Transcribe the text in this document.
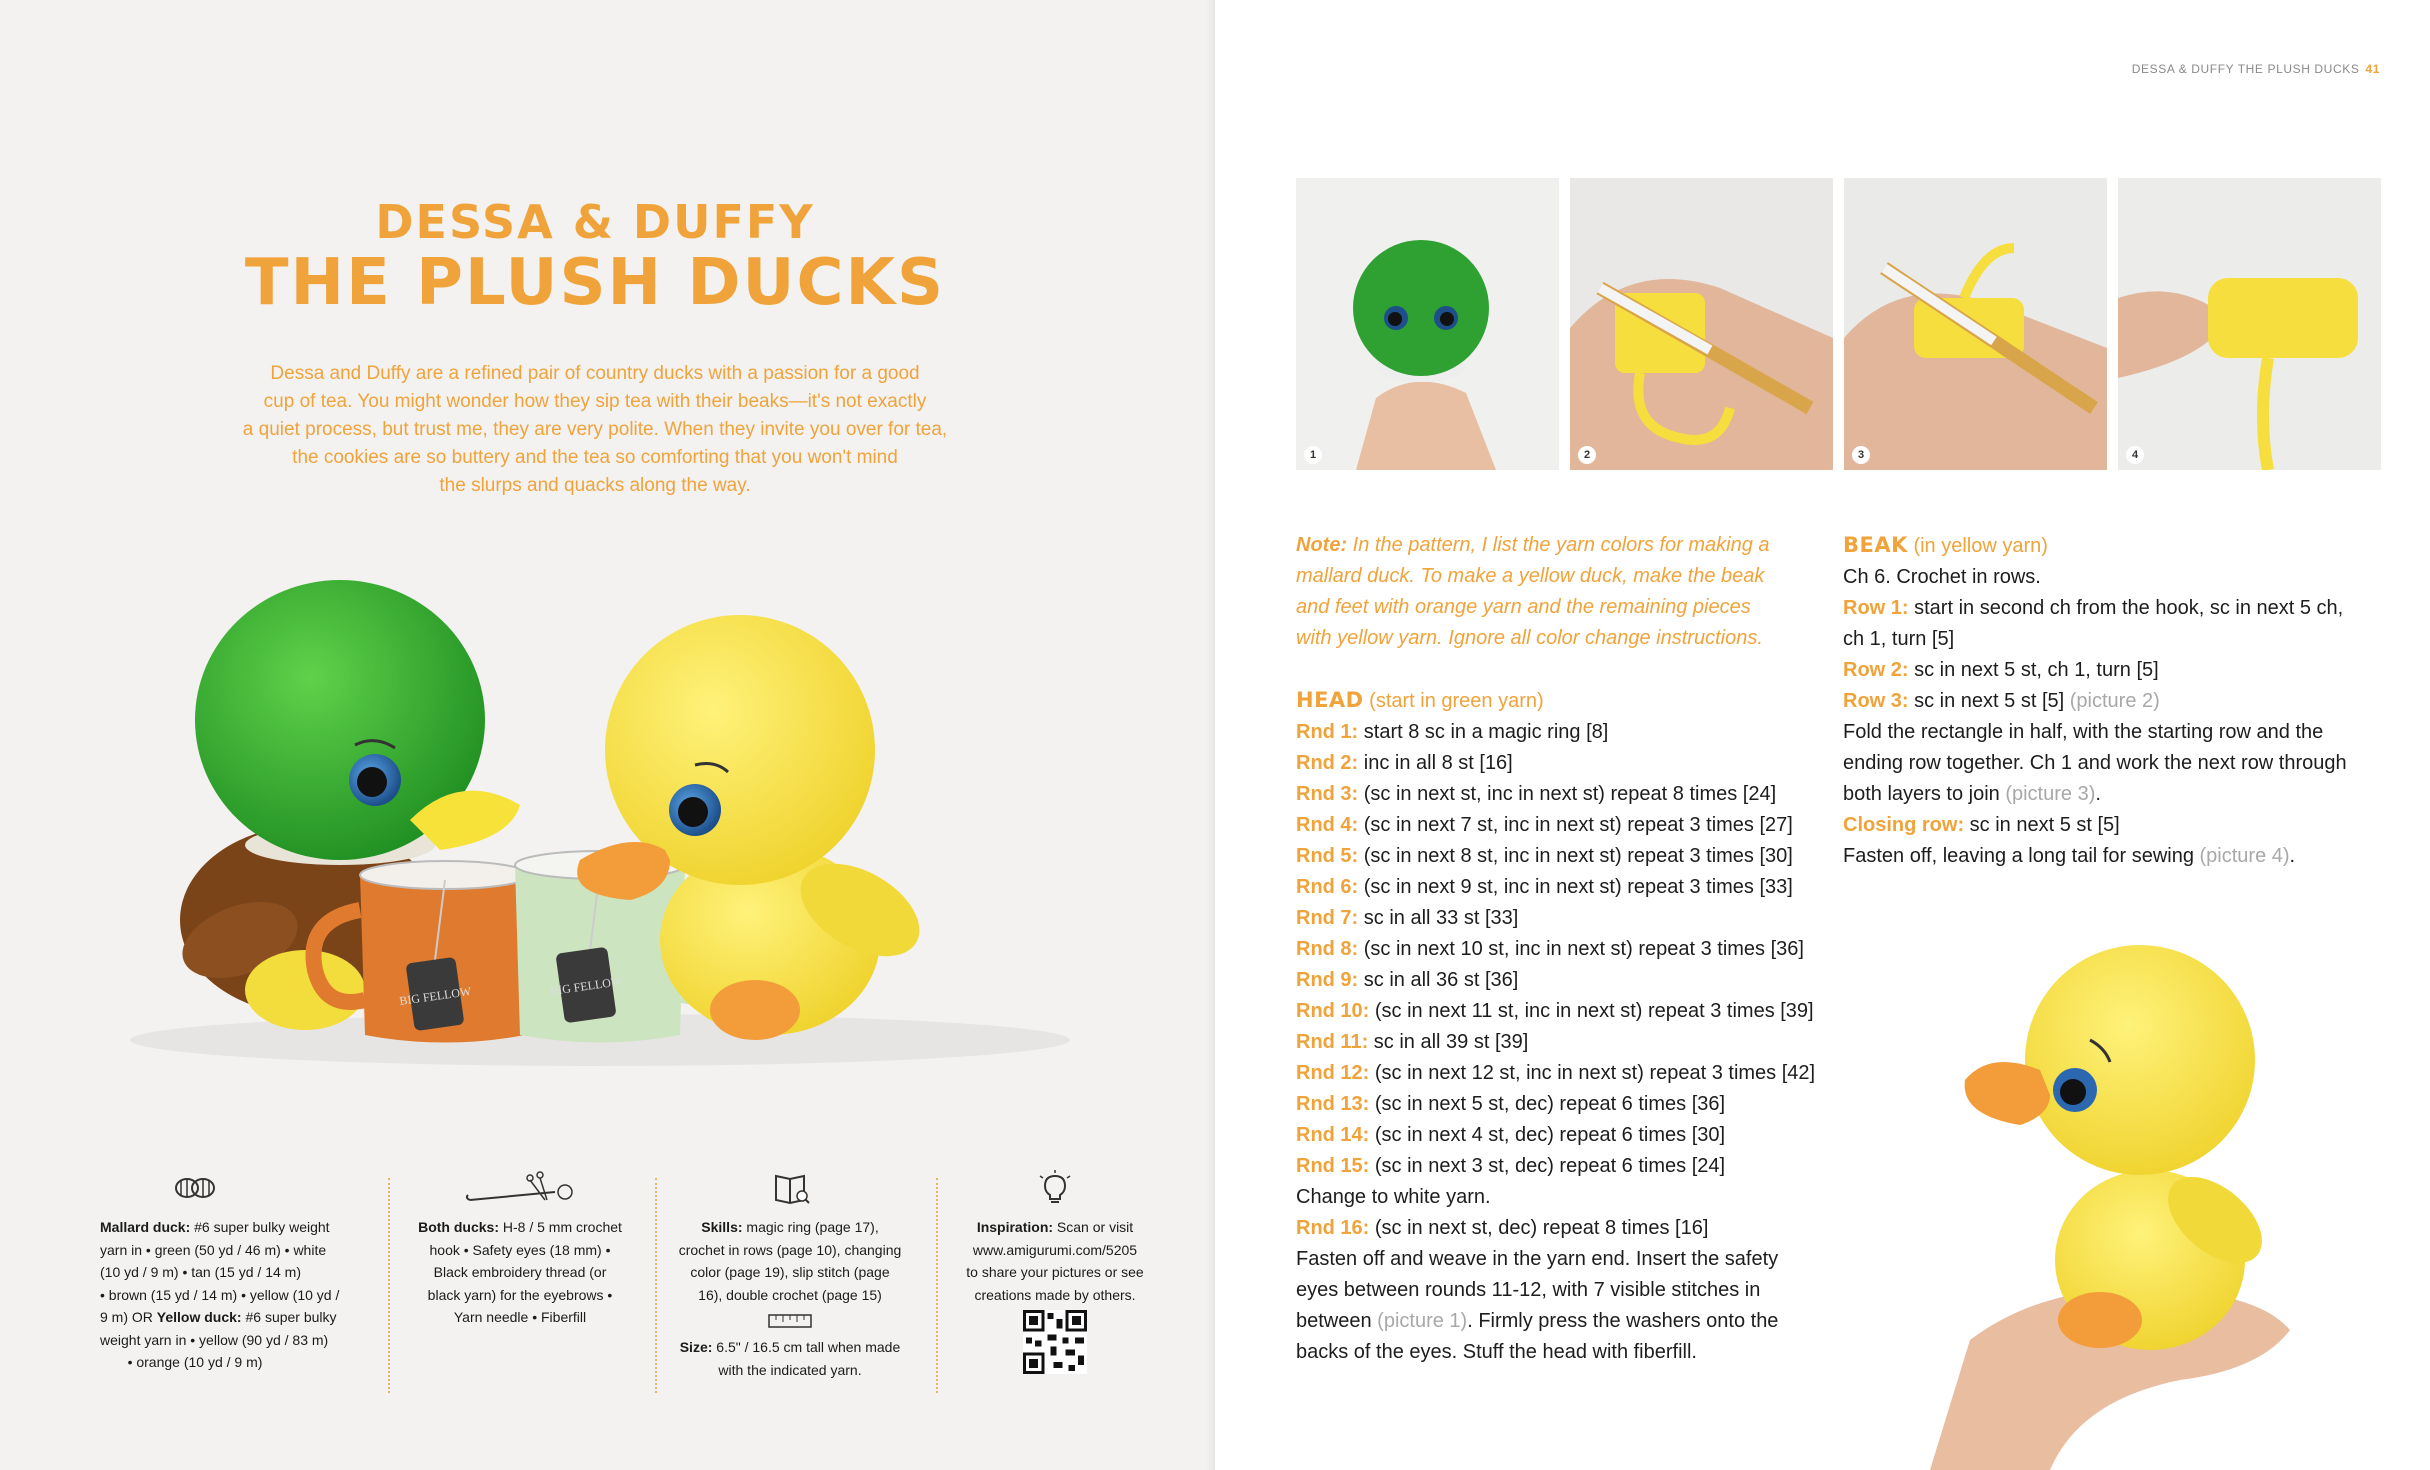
DESSA & DUFFY
THE PLUSH DUCKS
Dessa and Duffy are a refined pair of country ducks with a passion for a good
cup of tea. You might wonder how they sip tea with their beaks—it's not exactly
a quiet process, but trust me, they are very polite. When they invite you over for tea,
the cookies are so buttery and the tea so comforting that you won't mind
the slurps and quacks along the way.
BIG FELLOW	BIG FELLOW
Mallard duck: #6 super bulky weight
yarn in • green (50 yd / 46 m) • white
(10 yd / 9 m) • tan (15 yd / 14 m)
• brown (15 yd / 14 m) • yellow (10 yd /
9 m) OR Yellow duck: #6 super bulky
weight yarn in • yellow (90 yd / 83 m)
• orange (10 yd / 9 m)
Both ducks: H-8 / 5 mm crochet
hook • Safety eyes (18 mm) •
Black embroidery thread (or
black yarn) for the eyebrows •
Yarn needle • Fiberfill
Skills: magic ring (page 17),
crochet in rows (page 10), changing
color (page 19), slip stitch (page
16), double crochet (page 15)
Size: 6.5" / 16.5 cm tall when made
with the indicated yarn.
Inspiration: Scan or visit
www.amigurumi.com/5205
to share your pictures or see
creations made by others.
DESSA & DUFFY THE PLUSH DUCKS 41
1	2	3	4
Note: In the pattern, I list the yarn colors for making a
mallard duck. To make a yellow duck, make the beak
and feet with orange yarn and the remaining pieces
with yellow yarn. Ignore all color change instructions.
HEAD (start in green yarn)
Rnd 1: start 8 sc in a magic ring [8]
Rnd 2: inc in all 8 st [16]
Rnd 3: (sc in next st, inc in next st) repeat 8 times [24]
Rnd 4: (sc in next 7 st, inc in next st) repeat 3 times [27]
Rnd 5: (sc in next 8 st, inc in next st) repeat 3 times [30]
Rnd 6: (sc in next 9 st, inc in next st) repeat 3 times [33]
Rnd 7: sc in all 33 st [33]
Rnd 8: (sc in next 10 st, inc in next st) repeat 3 times [36]
Rnd 9: sc in all 36 st [36]
Rnd 10: (sc in next 11 st, inc in next st) repeat 3 times [39]
Rnd 11: sc in all 39 st [39]
Rnd 12: (sc in next 12 st, inc in next st) repeat 3 times [42]
Rnd 13: (sc in next 5 st, dec) repeat 6 times [36]
Rnd 14: (sc in next 4 st, dec) repeat 6 times [30]
Rnd 15: (sc in next 3 st, dec) repeat 6 times [24]
Change to white yarn.
Rnd 16: (sc in next st, dec) repeat 8 times [16]
Fasten off and weave in the yarn end. Insert the safety
eyes between rounds 11-12, with 7 visible stitches in
between (picture 1). Firmly press the washers onto the
backs of the eyes. Stuff the head with fiberfill.
BEAK (in yellow yarn)
Ch 6. Crochet in rows.
Row 1: start in second ch from the hook, sc in next 5 ch,
ch 1, turn [5]
Row 2: sc in next 5 st, ch 1, turn [5]
Row 3: sc in next 5 st [5] (picture 2)
Fold the rectangle in half, with the starting row and the
ending row together. Ch 1 and work the next row through
both layers to join (picture 3).
Closing row: sc in next 5 st [5]
Fasten off, leaving a long tail for sewing (picture 4).
